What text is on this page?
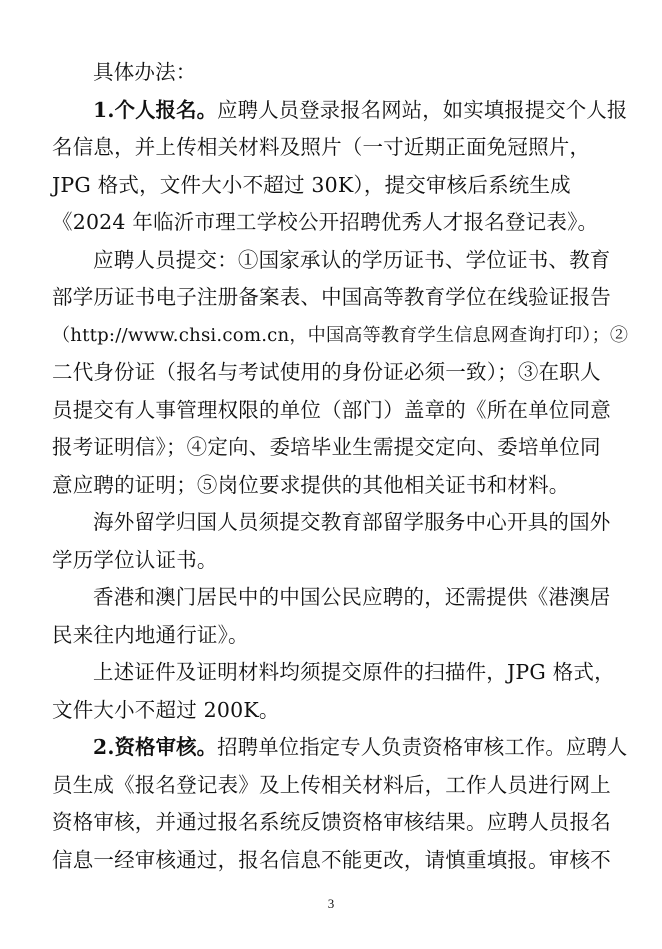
具体办法：
1.个人报名。应聘人员登录报名网站，如实填报提交个人报
名信息，并上传相关材料及照片（一寸近期正面免冠照片，
JPG 格式，文件大小不超过 30K），提交审核后系统生成
《2024 年临沂市理工学校公开招聘优秀人才报名登记表》。
应聘人员提交：①国家承认的学历证书、学位证书、教育
部学历证书电子注册备案表、中国高等教育学位在线验证报告
（http://www.chsi.com.cn，中国高等教育学生信息网查询打印）；②
二代身份证（报名与考试使用的身份证必须一致）；③在职人
员提交有人事管理权限的单位（部门）盖章的《所在单位同意
报考证明信》；④定向、委培毕业生需提交定向、委培单位同
意应聘的证明；⑤岗位要求提供的其他相关证书和材料。
海外留学归国人员须提交教育部留学服务中心开具的国外
学历学位认证书。
香港和澳门居民中的中国公民应聘的，还需提供《港澳居
民来往内地通行证》。
上述证件及证明材料均须提交原件的扫描件，JPG 格式，
文件大小不超过 200K。
2.资格审核。招聘单位指定专人负责资格审核工作。应聘人
员生成《报名登记表》及上传相关材料后，工作人员进行网上
资格审核，并通过报名系统反馈资格审核结果。应聘人员报名
信息一经审核通过，报名信息不能更改，请慎重填报。审核不
3
